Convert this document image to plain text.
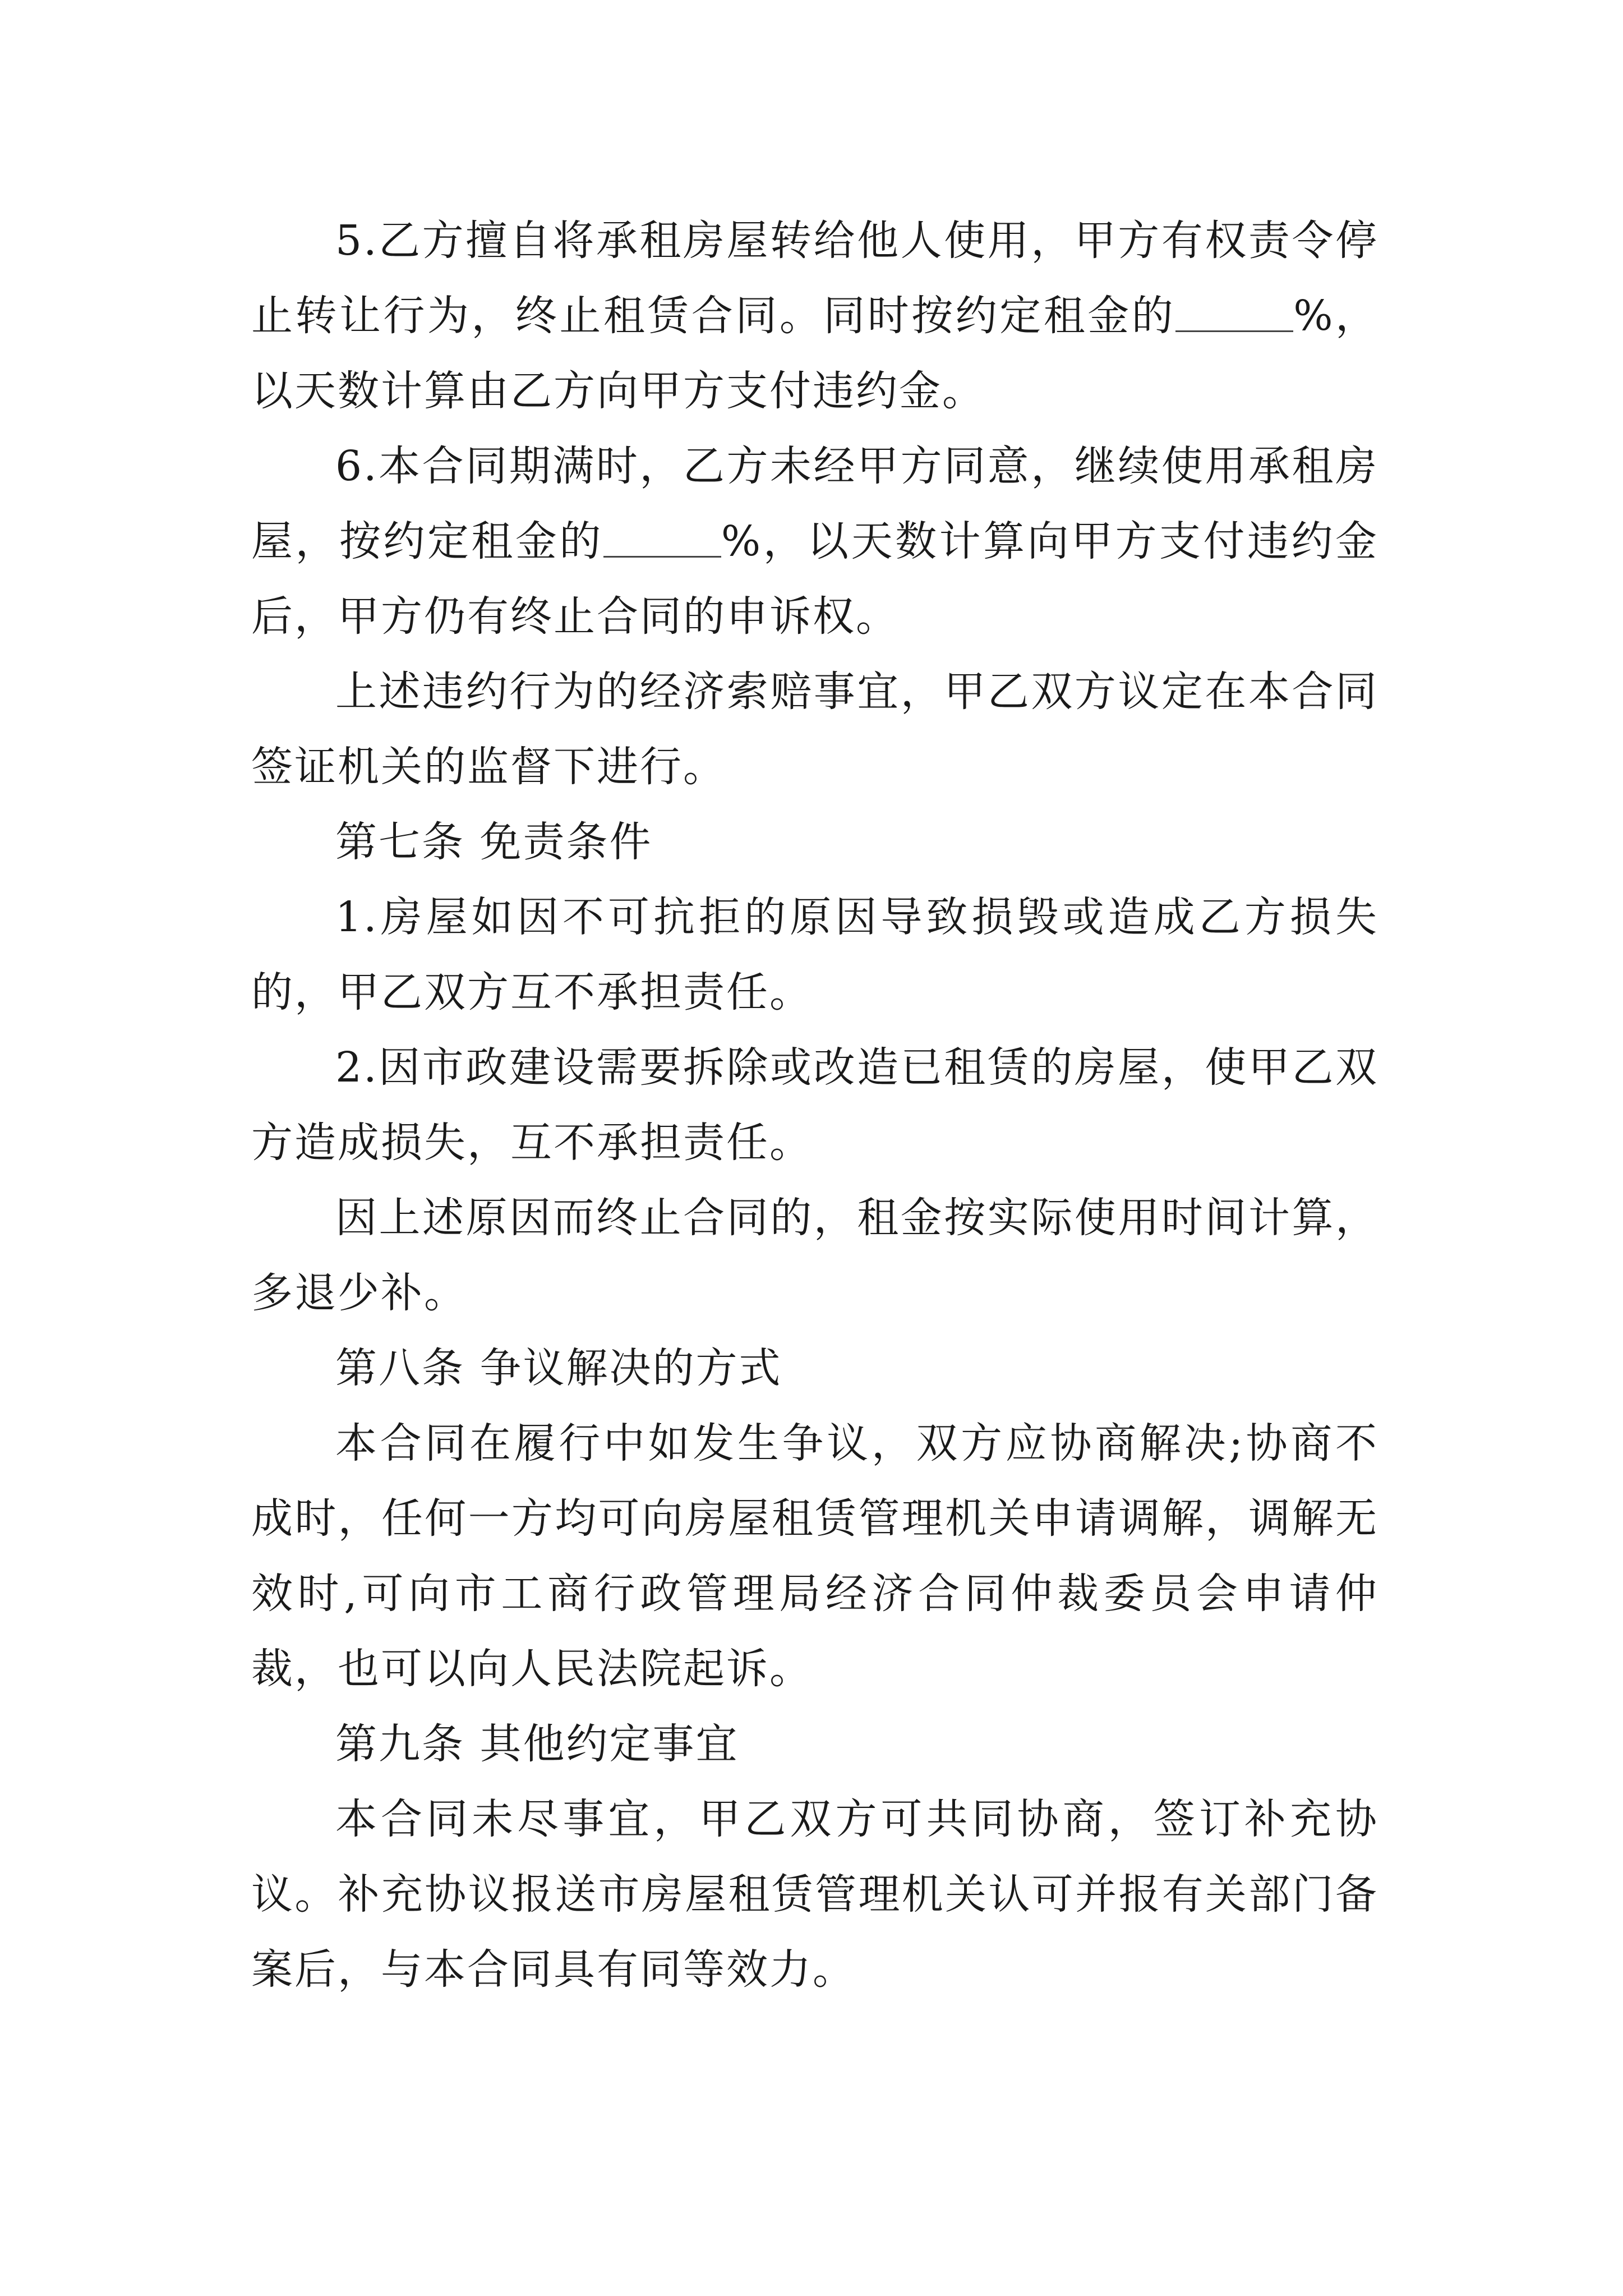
5.乙方擅自将承租房屋转给他人使用，甲方有权责令停止转让行为，终止租赁合同。同时按约定租金的	%，以天数计算由乙方向甲方支付违约金。

6.本合同期满时，乙方未经甲方同意，继续使用承租房屋，按约定租金的	%，以天数计算向甲方支付违约金后，甲方仍有终止合同的申诉权。

上述违约行为的经济索赔事宜，甲乙双方议定在本合同签证机关的监督下进行。

第七条 免责条件

1.房屋如因不可抗拒的原因导致损毁或造成乙方损失的，甲乙双方互不承担责任。

2.因市政建设需要拆除或改造已租赁的房屋，使甲乙双方造成损失，互不承担责任。

因上述原因而终止合同的，租金按实际使用时间计算，多退少补。

第八条 争议解决的方式

本合同在履行中如发生争议，双方应协商解决;协商不成时，任何一方均可向房屋租赁管理机关申请调解，调解无效时,可向市工商行政管理局经济合同仲裁委员会申请仲裁，也可以向人民法院起诉。

第九条 其他约定事宜

本合同未尽事宜，甲乙双方可共同协商，签订补充协议。补充协议报送市房屋租赁管理机关认可并报有关部门备案后，与本合同具有同等效力。
